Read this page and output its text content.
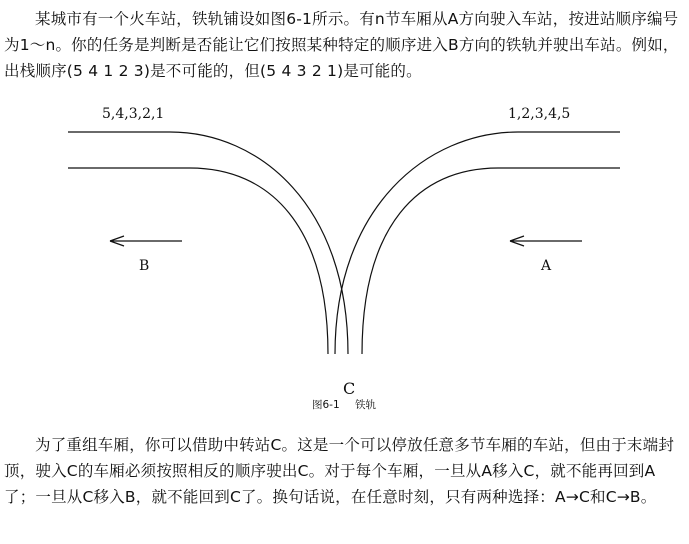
某城市有一个火车站，铁轨铺设如图6-1所示。有n节车厢从A方向驶入车站，按进站顺序编号为1～n。你的任务是判断是否能让它们按照某种特定的顺序进入B方向的铁轨并驶出车站。例如，出栈顺序(5 4 1 2 3)是不可能的，但(5 4 3 2 1)是可能的。

5,4,3,2,1	1,2,3,4,5
B	A
C
图6-1 铁轨

为了重组车厢，你可以借助中转站C。这是一个可以停放任意多节车厢的车站，但由于末端封顶，驶入C的车厢必须按照相反的顺序驶出C。对于每个车厢，一旦从A移入C，就不能再回到A了；一旦从C移入B，就不能回到C了。换句话说，在任意时刻，只有两种选择：A→C和C→B。
